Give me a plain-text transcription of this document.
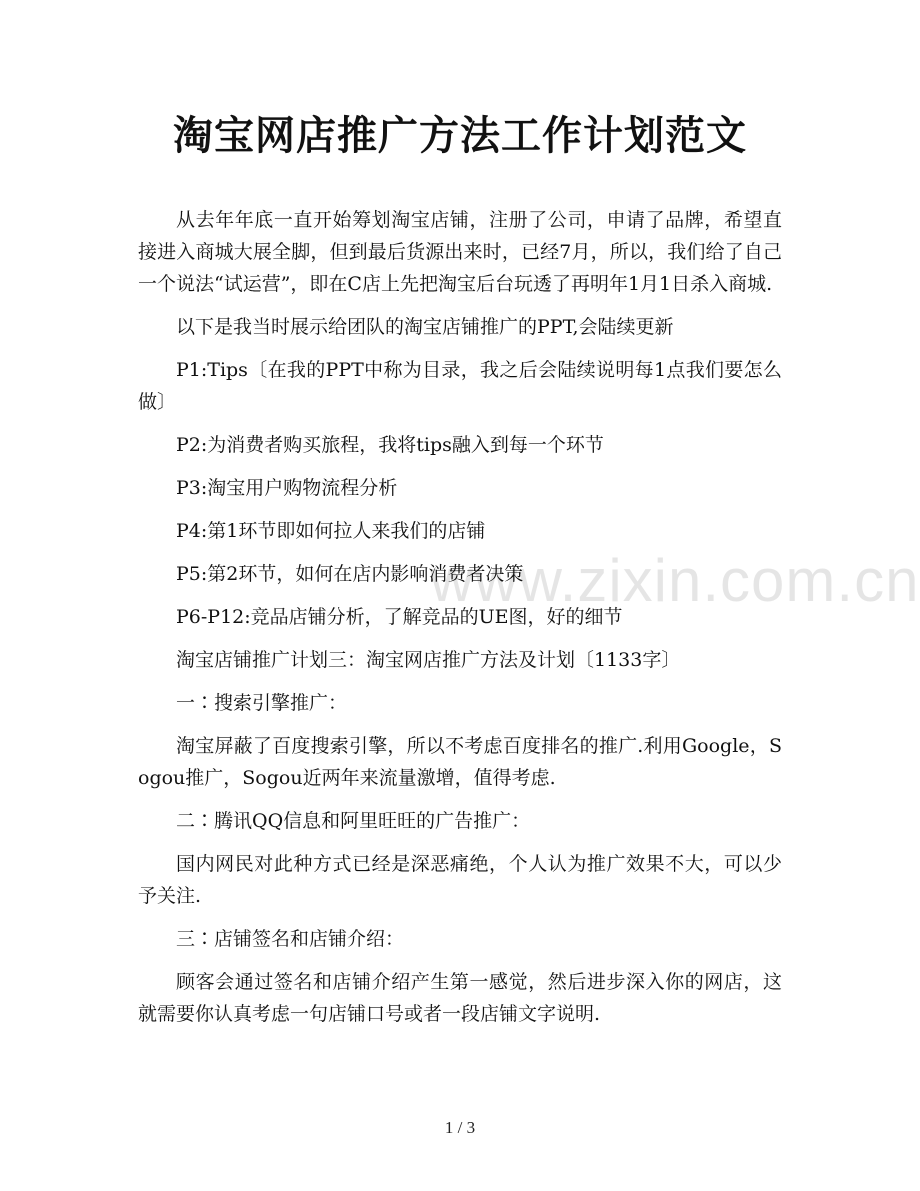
淘宝网店推广方法工作计划范文

从去年年底一直开始筹划淘宝店铺，注册了公司，申请了品牌，希望直接进入商城大展全脚，但到最后货源出来时，已经7月，所以，我们给了自己一个说法“试运营”，即在C店上先把淘宝后台玩透了再明年1月1日杀入商城.

以下是我当时展示给团队的淘宝店铺推广的PPT,会陆续更新

P1:Tips〔在我的PPT中称为目录，我之后会陆续说明每1点我们要怎么做〕

P2:为消费者购买旅程，我将tips融入到每一个环节

P3:淘宝用户购物流程分析

P4:第1环节即如何拉人来我们的店铺

P5:第2环节，如何在店内影响消费者决策

P6-P12:竞品店铺分析，了解竞品的UE图，好的细节

淘宝店铺推广计划三：淘宝网店推广方法及计划〔1133字〕

一∶搜索引擎推广：

淘宝屏蔽了百度搜索引擎，所以不考虑百度排名的推广.利用Google，Sogou推广，Sogou近两年来流量激增，值得考虑.

二∶腾讯QQ信息和阿里旺旺的广告推广：

国内网民对此种方式已经是深恶痛绝，个人认为推广效果不大，可以少予关注.

三∶店铺签名和店铺介绍：

顾客会通过签名和店铺介绍产生第一感觉，然后进步深入你的网店，这就需要你认真考虑一句店铺口号或者一段店铺文字说明.

www.zixin.com.cn
1 / 3
